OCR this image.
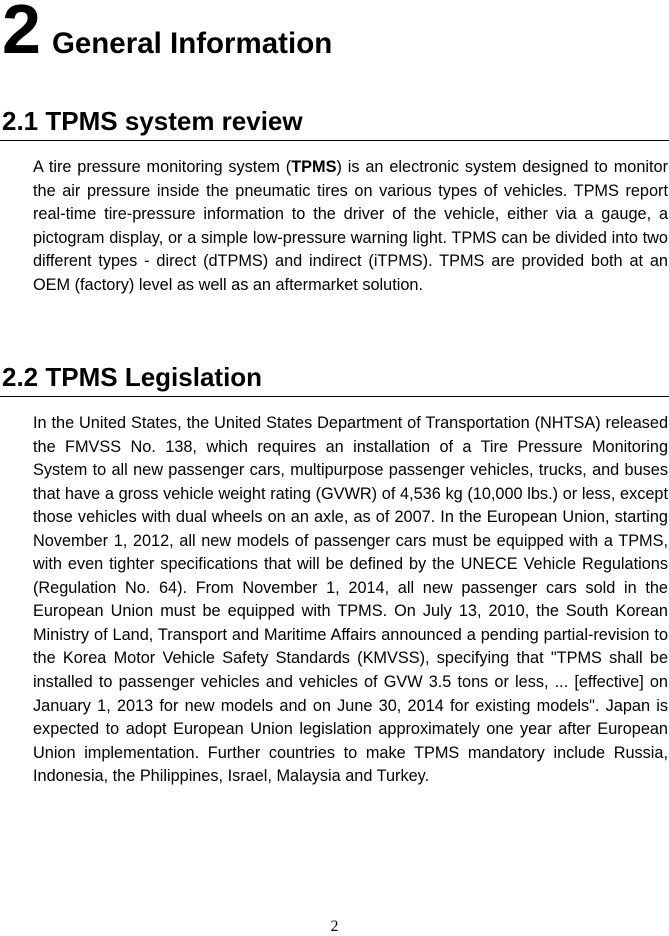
2 General Information
2.1 TPMS system review

A tire pressure monitoring system (TPMS) is an electronic system designed to monitor the air pressure inside the pneumatic tires on various types of vehicles. TPMS report real-time tire-pressure information to the driver of the vehicle, either via a gauge, a pictogram display, or a simple low-pressure warning light. TPMS can be divided into two different types - direct (dTPMS) and indirect (iTPMS). TPMS are provided both at an OEM (factory) level as well as an aftermarket solution.

2.2 TPMS Legislation

In the United States, the United States Department of Transportation (NHTSA) released the FMVSS No. 138, which requires an installation of a Tire Pressure Monitoring System to all new passenger cars, multipurpose passenger vehicles, trucks, and buses that have a gross vehicle weight rating (GVWR) of 4,536 kg (10,000 lbs.) or less, except those vehicles with dual wheels on an axle, as of 2007. In the European Union, starting November 1, 2012, all new models of passenger cars must be equipped with a TPMS, with even tighter specifications that will be defined by the UNECE Vehicle Regulations (Regulation No. 64). From November 1, 2014, all new passenger cars sold in the European Union must be equipped with TPMS. On July 13, 2010, the South Korean Ministry of Land, Transport and Maritime Affairs announced a pending partial-revision to the Korea Motor Vehicle Safety Standards (KMVSS), specifying that "TPMS shall be installed to passenger vehicles and vehicles of GVW 3.5 tons or less, ... [effective] on January 1, 2013 for new models and on June 30, 2014 for existing models". Japan is expected to adopt European Union legislation approximately one year after European Union implementation. Further countries to make TPMS mandatory include Russia, Indonesia, the Philippines, Israel, Malaysia and Turkey.

2
